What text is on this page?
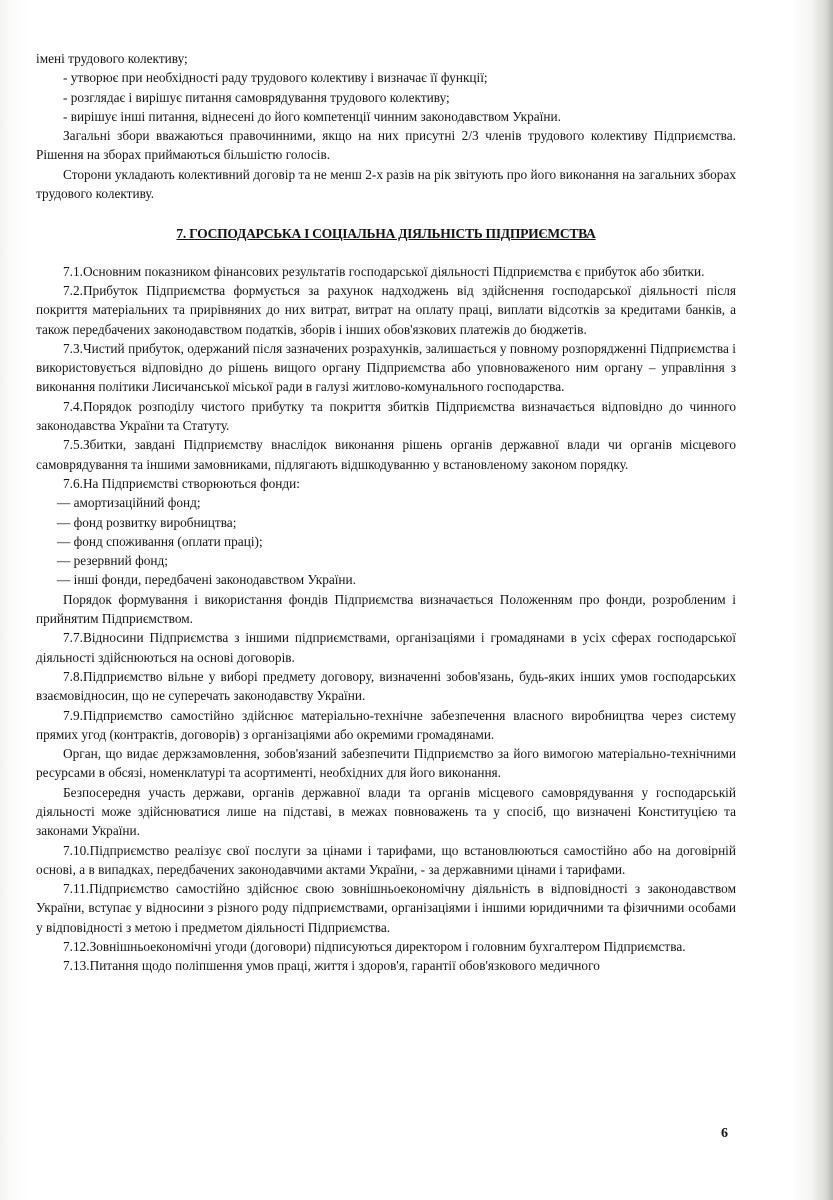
імені трудового колективу;

- утворює при необхідності раду трудового колективу і визначає її функції;

- розглядає і вирішує питання самоврядування трудового колективу;

- вирішує інші питання, віднесені до його компетенції чинним законодавством України.

Загальні збори вважаються правочинними, якщо на них присутні 2/3 членів трудового колективу Підприємства. Рішення на зборах приймаються більшістю голосів.

Сторони укладають колективний договір та не менш 2-х разів на рік звітують про його виконання на загальних зборах трудового колективу.

7. ГОСПОДАРСЬКА І СОЦІАЛЬНА ДІЯЛЬНІСТЬ ПІДПРИЄМСТВА

7.1.Основним показником фінансових результатів господарської діяльності Підприємства є прибуток або збитки.

7.2.Прибуток Підприємства формується за рахунок надходжень від здійснення господарської діяльності після покриття матеріальних та прирівняних до них витрат, витрат на оплату праці, виплати відсотків за кредитами банків, а також передбачених законодавством податків, зборів і інших обов'язкових платежів до бюджетів.

7.3.Чистий прибуток, одержаний після зазначених розрахунків, залишається у повному розпорядженні Підприємства і використовується відповідно до рішень вищого органу Підприємства або уповноваженого ним органу – управління з виконання політики Лисичанської міської ради в галузі житлово-комунального господарства.

7.4.Порядок розподілу чистого прибутку та покриття збитків Підприємства визначається відповідно до чинного законодавства України та Статуту.

7.5.Збитки, завдані Підприємству внаслідок виконання рішень органів державної влади чи органів місцевого самоврядування та іншими замовниками, підлягають відшкодуванню у встановленому законом порядку.

7.6.На Підприємстві створюються фонди:

— амортизаційний фонд;

— фонд розвитку виробництва;

— фонд споживання (оплати праці);

— резервний фонд;

— інші фонди, передбачені законодавством України.

Порядок формування і використання фондів Підприємства визначається Положенням про фонди, розробленим і прийнятим Підприємством.

7.7.Відносини Підприємства з іншими підприємствами, організаціями і громадянами в усіх сферах господарської діяльності здійснюються на основі договорів.

7.8.Підприємство вільне у виборі предмету договору, визначенні зобов'язань, будь-яких інших умов господарських взаємовідносин, що не суперечать законодавству України.

7.9.Підприємство самостійно здійснює матеріально-технічне забезпечення власного виробництва через систему прямих угод (контрактів, договорів) з організаціями або окремими громадянами.

Орган, що видає держзамовлення, зобов'язаний забезпечити Підприємство за його вимогою матеріально-технічними ресурсами в обсязі, номенклатурі та асортименті, необхідних для його виконання.

Безпосередня участь держави, органів державної влади та органів місцевого самоврядування у господарській діяльності може здійснюватися лише на підставі, в межах повноважень та у спосіб, що визначені Конституцією та законами України.

7.10.Підприємство реалізує свої послуги за цінами і тарифами, що встановлюються самостійно або на договірній основі, а в випадках, передбачених законодавчими актами України, - за державними цінами і тарифами.

7.11.Підприємство самостійно здійснює свою зовнішньоекономічну діяльність в відповідності з законодавством України, вступає у відносини з різного роду підприємствами, організаціями і іншими юридичними та фізичними особами у відповідності з метою і предметом діяльності Підприємства.

7.12.Зовнішньоекономічні угоди (договори) підписуються директором і головним бухгалтером Підприємства.

7.13.Питання щодо поліпшення умов праці, життя і здоров'я, гарантії обов'язкового медичного

6
